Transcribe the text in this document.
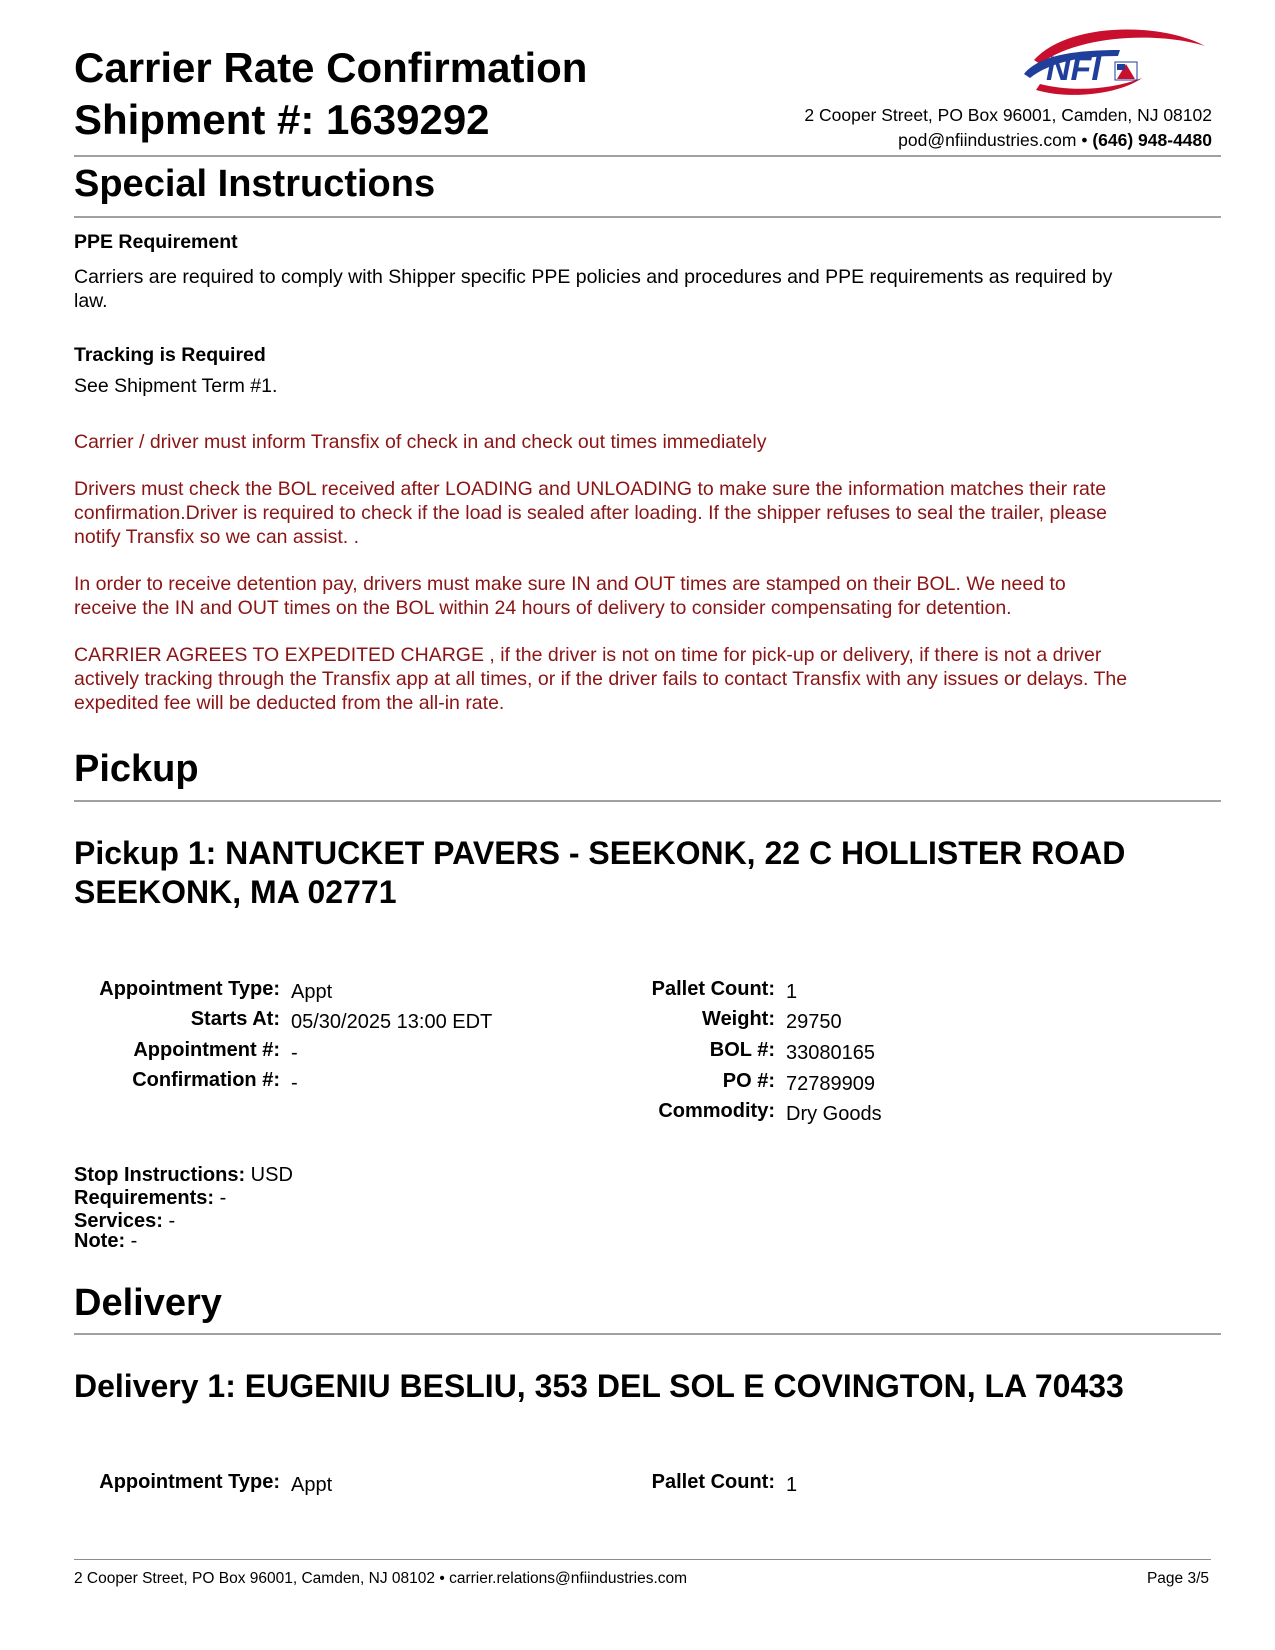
Carrier Rate Confirmation
Shipment #: 1639292
NFI
2 Cooper Street, PO Box 96001, Camden, NJ 08102
pod@nfiindustries.com • (646) 948-4480
Special Instructions
PPE Requirement
Carriers are required to comply with Shipper specific PPE policies and procedures and PPE requirements as required by
law.
Tracking is Required
See Shipment Term #1.
Carrier / driver must inform Transfix of check in and check out times immediately
Drivers must check the BOL received after LOADING and UNLOADING to make sure the information matches their rate
confirmation.Driver is required to check if the load is sealed after loading. If the shipper refuses to seal the trailer, please
notify Transfix so we can assist. .
In order to receive detention pay, drivers must make sure IN and OUT times are stamped on their BOL. We need to
receive the IN and OUT times on the BOL within 24 hours of delivery to consider compensating for detention.
CARRIER AGREES TO EXPEDITED CHARGE , if the driver is not on time for pick-up or delivery, if there is not a driver
actively tracking through the Transfix app at all times, or if the driver fails to contact Transfix with any issues or delays. The
expedited fee will be deducted from the all-in rate.
Pickup
Pickup 1: NANTUCKET PAVERS - SEEKONK, 22 C HOLLISTER ROAD
SEEKONK, MA 02771
Appointment Type: Appt
Starts At: 05/30/2025 13:00 EDT
Appointment #: -
Confirmation #: -
Pallet Count: 1
Weight: 29750
BOL #: 33080165
PO #: 72789909
Commodity: Dry Goods
Stop Instructions: USD
Requirements: -
Services: -
Note: -
Delivery
Delivery 1: EUGENIU BESLIU, 353 DEL SOL E COVINGTON, LA 70433
Appointment Type: Appt	Pallet Count: 1
2 Cooper Street, PO Box 96001, Camden, NJ 08102 • carrier.relations@nfiindustries.com	Page 3/5
